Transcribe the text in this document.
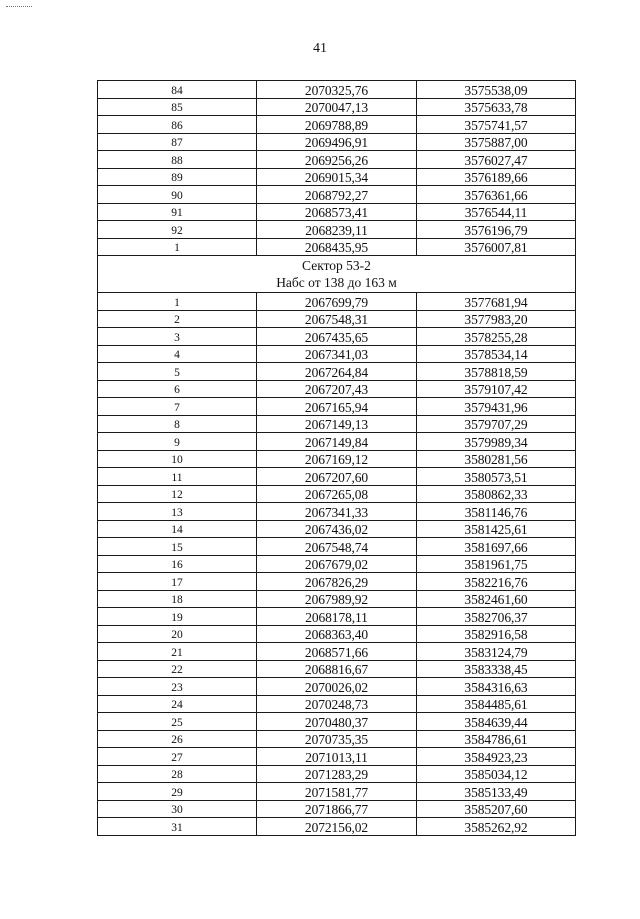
41
84	2070325,76	3575538,09
85	2070047,13	3575633,78
86	2069788,89	3575741,57
87	2069496,91	3575887,00
88	2069256,26	3576027,47
89	2069015,34	3576189,66
90	2068792,27	3576361,66
91	2068573,41	3576544,11
92	2068239,11	3576196,79
1	2068435,95	3576007,81

Сектор 53-2
Набс от 138 до 163 м		

1	2067699,79	3577681,94
2	2067548,31	3577983,20
3	2067435,65	3578255,28
4	2067341,03	3578534,14
5	2067264,84	3578818,59
6	2067207,43	3579107,42
7	2067165,94	3579431,96
8	2067149,13	3579707,29
9	2067149,84	3579989,34
10	2067169,12	3580281,56
11	2067207,60	3580573,51
12	2067265,08	3580862,33
13	2067341,33	3581146,76
14	2067436,02	3581425,61
15	2067548,74	3581697,66
16	2067679,02	3581961,75
17	2067826,29	3582216,76
18	2067989,92	3582461,60
19	2068178,11	3582706,37
20	2068363,40	3582916,58
21	2068571,66	3583124,79
22	2068816,67	3583338,45
23	2070026,02	3584316,63
24	2070248,73	3584485,61
25	2070480,37	3584639,44
26	2070735,35	3584786,61
27	2071013,11	3584923,23
28	2071283,29	3585034,12
29	2071581,77	3585133,49
30	2071866,77	3585207,60
31	2072156,02	3585262,92
